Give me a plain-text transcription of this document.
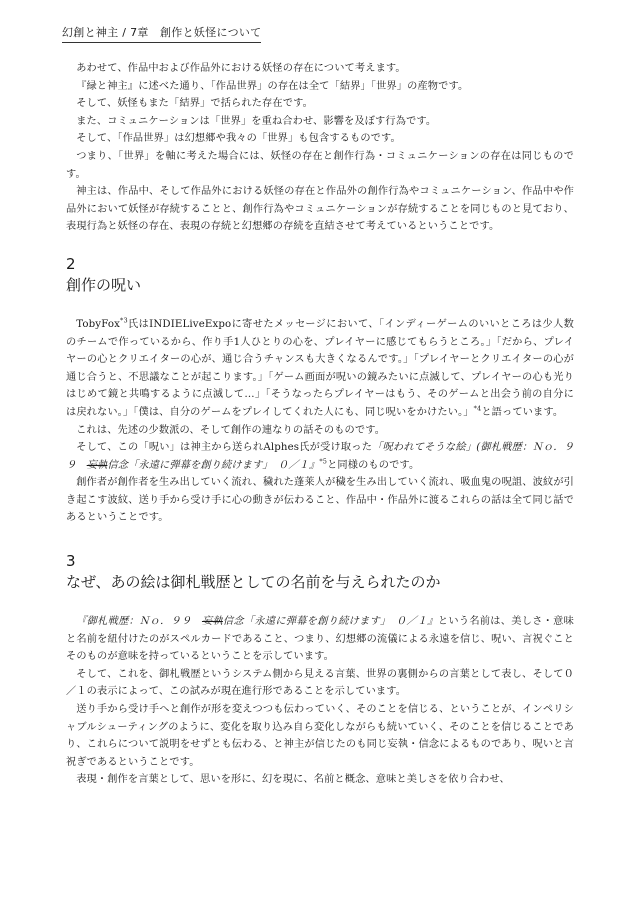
幻創と神主 / 7章　創作と妖怪について

あわせて、作品中および作品外における妖怪の存在について考えます。

『緑と神主』に述べた通り、「作品世界」の存在は全て「結界」「世界」の産物です。

そして、妖怪もまた「結界」で括られた存在です。

また、コミュニケーションは「世界」を重ね合わせ、影響を及ぼす行為です。

そして、「作品世界」は幻想郷や我々の「世界」も包含するものです。

つまり、「世界」を軸に考えた場合には、妖怪の存在と創作行為・コミュニケーションの存在は同じものです。

神主は、作品中、そして作品外における妖怪の存在と作品外の創作行為やコミュニケーション、作品中や作品外において妖怪が存続することと、創作行為やコミュニケーションが存続することを同じものと見ており、表現行為と妖怪の存在、表現の存続と幻想郷の存続を直結させて考えているということです。

2

創作の呪い

TobyFox$^{*3}$氏はINDIELiveExpoに寄せたメッセージにおいて、「インディーゲームのいいところは少人数のチームで作っているから、作り手1人ひとりの心を、プレイヤーに感じてもらうところ。」「だから、プレイヤーの心とクリエイターの心が、通じ合うチャンスも大きくなるんです。」「プレイヤーとクリエイターの心が通じ合うと、不思議なことが起こります。」「ゲーム画面が呪いの鏡みたいに点滅して、プレイヤーの心も光りはじめて鏡と共鳴するように点滅して…」「そうなったらプレイヤーはもう、そのゲームと出会う前の自分には戻れない。」「僕は、自分のゲームをプレイしてくれた人にも、同じ呪いをかけたい。」$^{*4}$と語っています。

これは、先述の少数派の、そして創作の連なりの話そのものです。

そして、この「呪い」は神主から送られAlphes氏が受け取った「呪われてそうな絵」(御札戦歴：Ｎｏ．９９　妄執信念「永遠に弾幕を創り続けます」　０／１』$^{*5}$と同様のものです。

創作者が創作者を生み出していく流れ、穢れた蓬莱人が穢を生み出していく流れ、吸血鬼の呪詛、波紋が引き起こす波紋、送り手から受け手に心の動きが伝わること、作品中・作品外に渡るこれらの話は全て同じ話であるということです。

3

なぜ、あの絵は御札戦歴としての名前を与えられたのか

『御札戦歴：Ｎｏ．９９　妄執信念「永遠に弾幕を創り続けます」　０／１』という名前は、美しさ・意味と名前を紐付けたのがスペルカードであること、つまり、幻想郷の流儀による永遠を信じ、呪い、言祝ぐことそのものが意味を持っているということを示しています。

そして、これを、御札戦歴というシステム側から見える言葉、世界の裏側からの言葉として表し、そして０／１の表示によって、この試みが現在進行形であることを示しています。

送り手から受け手へと創作が形を変えつつも伝わっていく、そのことを信じる、ということが、インペリシャブルシューティングのように、変化を取り込み自ら変化しながらも続いていく、そのことを信じることであり、これらについて説明をせずとも伝わる、と神主が信じたのも同じ妄執・信念によるものであり、呪いと言祝ぎであるということです。

表現・創作を言葉として、思いを形に、幻を現に、名前と概念、意味と美しさを依り合わせ、
